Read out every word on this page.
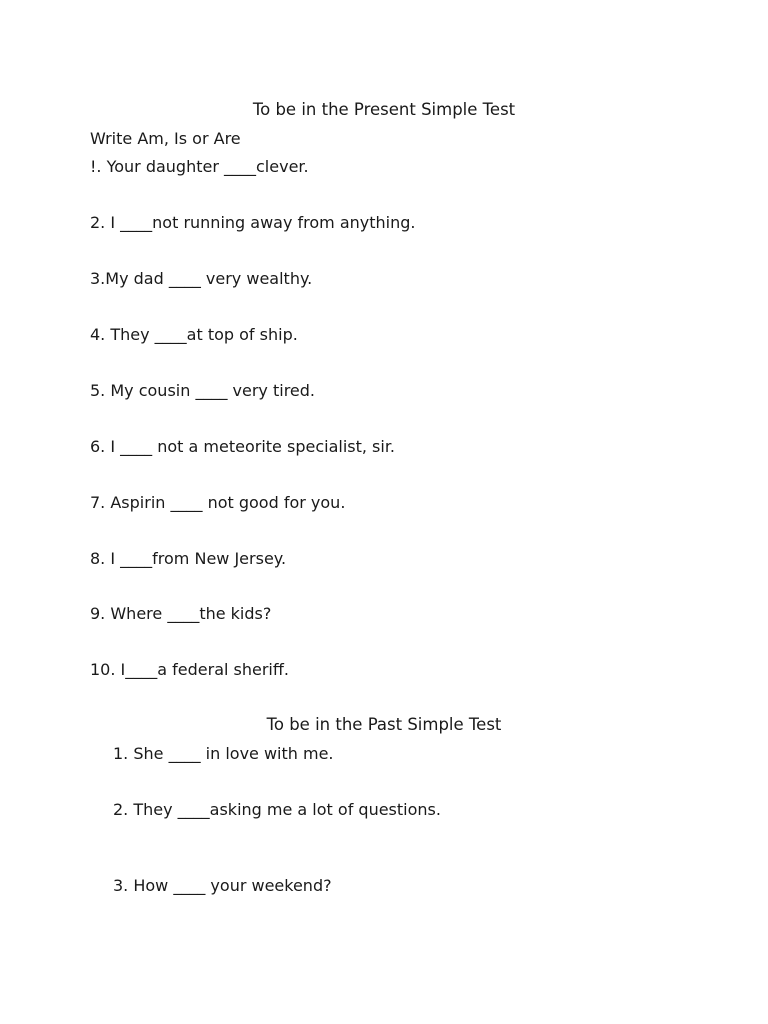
To be in the Present Simple Test

Write Am, Is or Are

!. Your daughter ____clever.

2. I ____not running away from anything.

3.My dad ____ very wealthy.

4. They ____at top of ship.

5. My cousin ____ very tired.

6. I ____ not a meteorite specialist, sir.

7. Aspirin ____ not good for you.

8. I ____from New Jersey.

9. Where ____the kids?

10. I____a federal sheriff.

To be in the Past Simple Test

1. She ____ in love with me.

2. They ____asking me a lot of questions.

3. How ____ your weekend?
